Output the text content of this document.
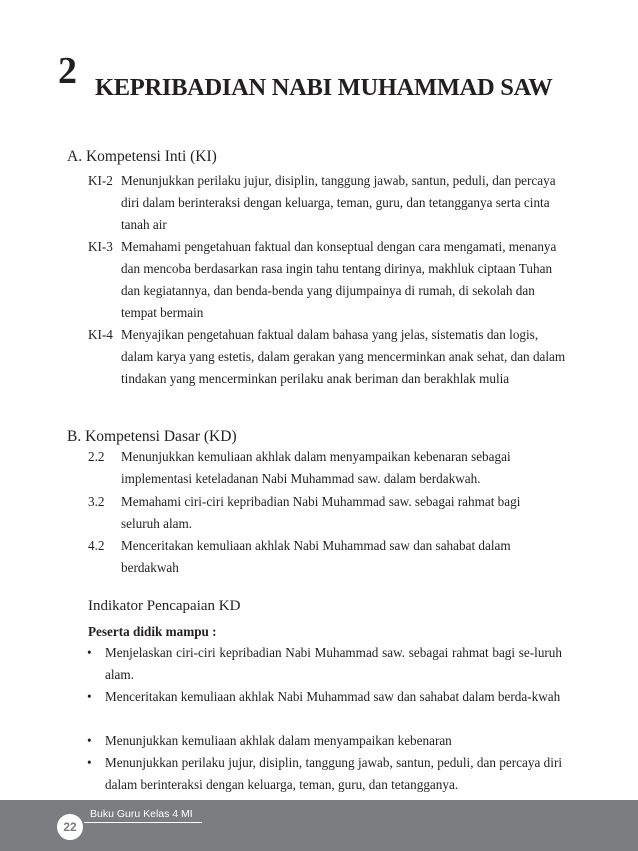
2 KEPRIBADIAN NABI MUHAMMAD SAW
A. Kompetensi Inti (KI)
KI-2 Menunjukkan perilaku jujur, disiplin, tanggung jawab, santun, peduli, dan percaya diri dalam berinteraksi dengan keluarga, teman, guru, dan tetangganya serta cinta tanah air
KI-3 Memahami pengetahuan faktual dan konseptual dengan cara mengamati, menanya dan mencoba berdasarkan rasa ingin tahu tentang dirinya, makhluk ciptaan Tuhan dan kegiatannya, dan benda-benda yang dijumpainya di rumah, di sekolah dan tempat bermain
KI-4 Menyajikan pengetahuan faktual dalam bahasa yang jelas, sistematis dan logis, dalam karya yang estetis, dalam gerakan yang mencerminkan anak sehat, dan dalam tindakan yang mencerminkan perilaku anak beriman dan berakhlak mulia
B. Kompetensi Dasar (KD)
2.2 Menunjukkan kemuliaan akhlak dalam menyampaikan kebenaran sebagai implementasi keteladanan Nabi Muhammad saw. dalam berdakwah.
3.2 Memahami ciri-ciri kepribadian Nabi Muhammad saw. sebagai rahmat bagi seluruh alam.
4.2 Menceritakan kemuliaan akhlak Nabi Muhammad saw dan sahabat dalam berdakwah
Indikator Pencapaian KD
Peserta didik mampu :
• Menjelaskan ciri-ciri kepribadian Nabi Muhammad saw. sebagai rahmat bagi se-luruh alam.
• Menceritakan kemuliaan akhlak Nabi Muhammad saw dan sahabat dalam berda-kwah
• Menunjukkan kemuliaan akhlak dalam menyampaikan kebenaran
• Menunjukkan perilaku jujur, disiplin, tanggung jawab, santun, peduli, dan percaya diri dalam berinteraksi dengan keluarga, teman, guru, dan tetangganya.
22
Buku Guru Kelas 4 MI
